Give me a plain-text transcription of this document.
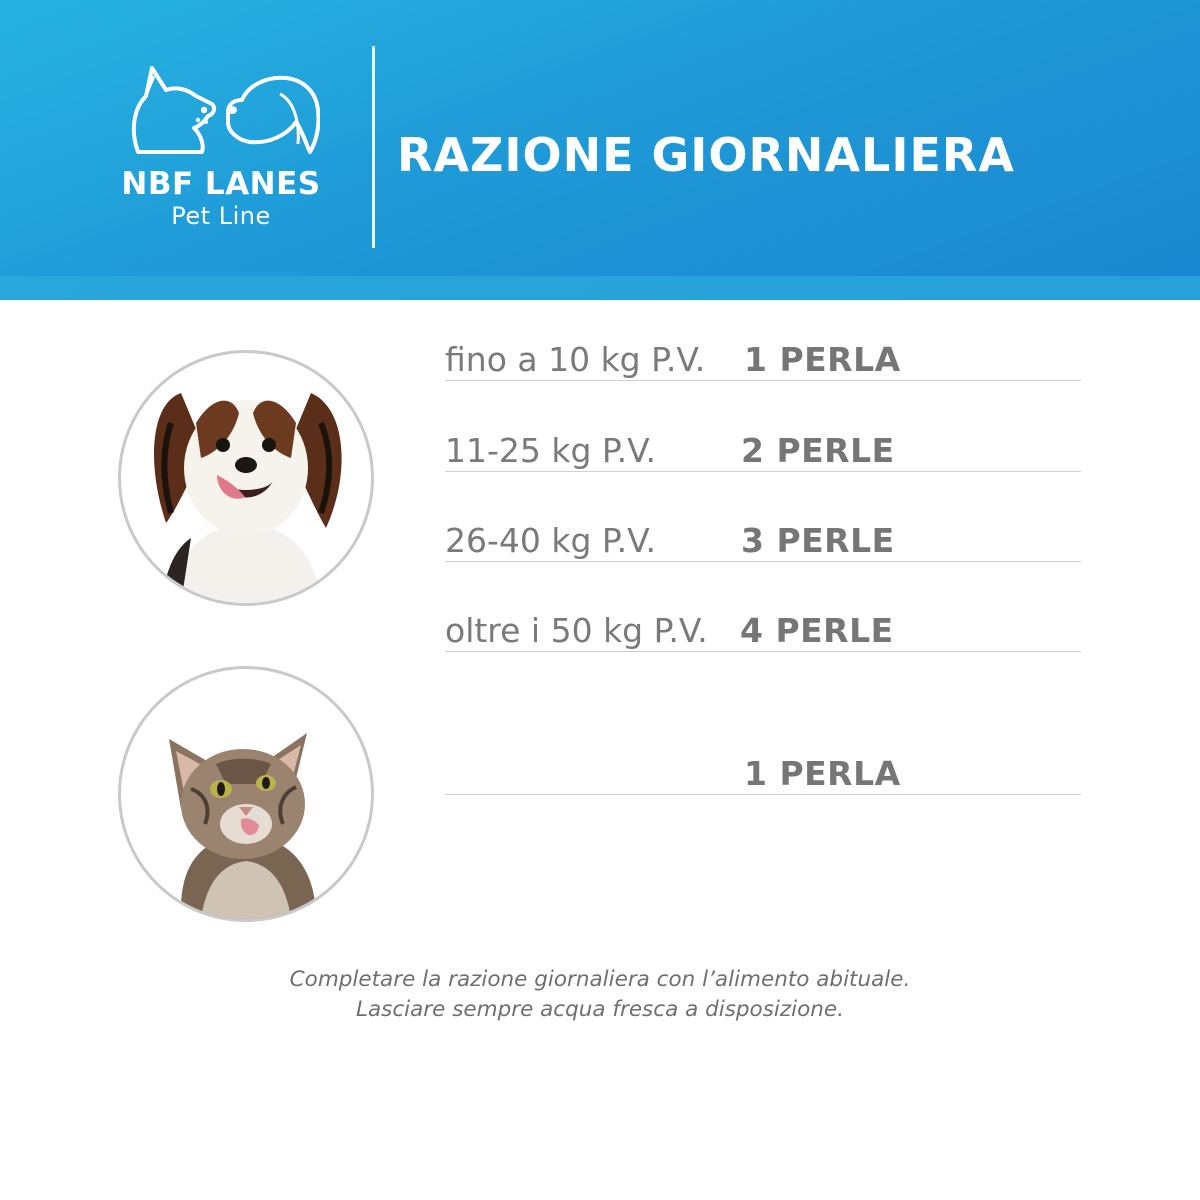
NBF LANES
Pet Line
RAZIONE GIORNALIERA
fino a 10 kg P.V. 1 PERLA
11-25 kg P.V.	2 PERLE
26-40 kg P.V.	3 PERLE
oltre i 50 kg P.V. 4 PERLE
1 PERLA
Completare la razione giornaliera con l’alimento abituale.
Lasciare sempre acqua fresca a disposizione.
